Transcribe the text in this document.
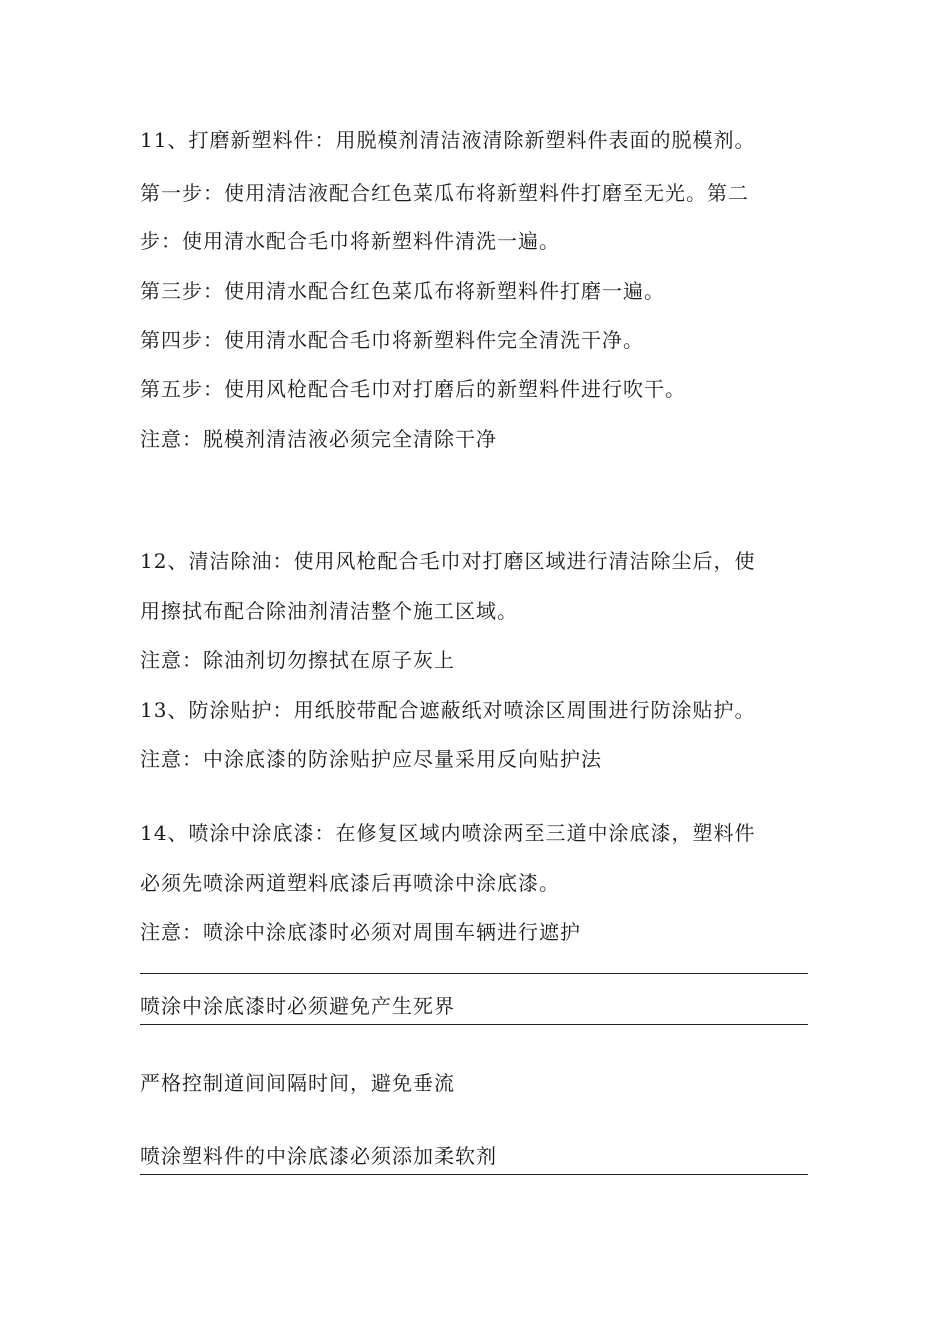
11、打磨新塑料件：用脱模剂清洁液清除新塑料件表面的脱模剂。
第一步：使用清洁液配合红色菜瓜布将新塑料件打磨至无光。第二
步：使用清水配合毛巾将新塑料件清洗一遍。
第三步：使用清水配合红色菜瓜布将新塑料件打磨一遍。
第四步：使用清水配合毛巾将新塑料件完全清洗干净。
第五步：使用风枪配合毛巾对打磨后的新塑料件进行吹干。
注意：脱模剂清洁液必须完全清除干净
12、清洁除油：使用风枪配合毛巾对打磨区域进行清洁除尘后，使
用擦拭布配合除油剂清洁整个施工区域。
注意：除油剂切勿擦拭在原子灰上
13、防涂贴护：用纸胶带配合遮蔽纸对喷涂区周围进行防涂贴护。
注意：中涂底漆的防涂贴护应尽量采用反向贴护法
14、喷涂中涂底漆：在修复区域内喷涂两至三道中涂底漆，塑料件
必须先喷涂两道塑料底漆后再喷涂中涂底漆。
注意：喷涂中涂底漆时必须对周围车辆进行遮护
喷涂中涂底漆时必须避免产生死界
严格控制道间间隔时间，避免垂流
喷涂塑料件的中涂底漆必须添加柔软剂
